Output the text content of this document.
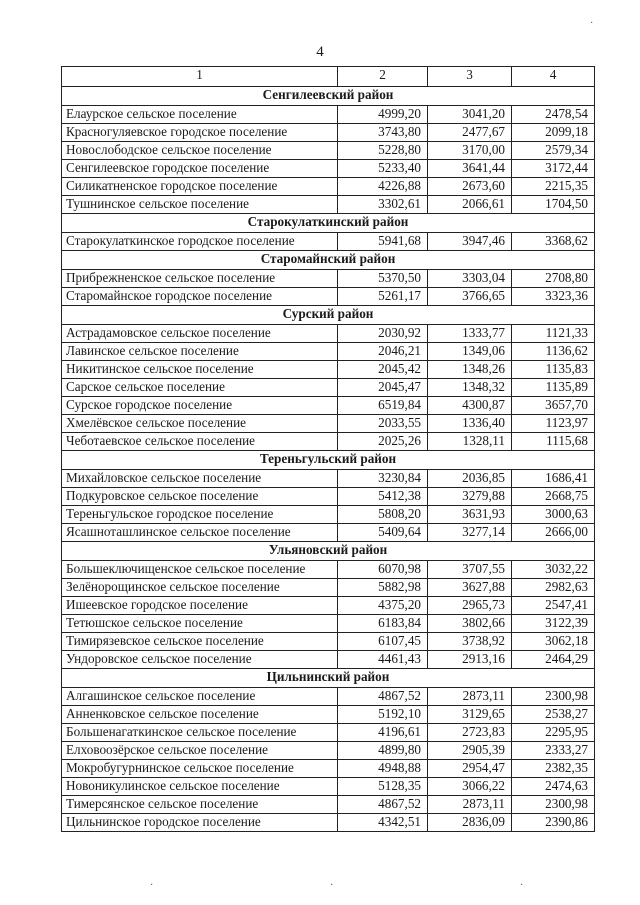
4
1	2	3	4
Сенгилеевский район			
Елаурское сельское поселение	4999,20	3041,20	2478,54
Красногуляевское городское поселение	3743,80	2477,67	2099,18
Новослободское сельское поселение	5228,80	3170,00	2579,34
Сенгилеевское городское поселение	5233,40	3641,44	3172,44
Силикатненское городское поселение	4226,88	2673,60	2215,35
Тушнинское сельское поселение	3302,61	2066,61	1704,50
Старокулаткинский район			
Старокулаткинское городское поселение	5941,68	3947,46	3368,62
Старомайнский район			
Прибрежненское сельское поселение	5370,50	3303,04	2708,80
Старомайнское городское поселение	5261,17	3766,65	3323,36
Сурский район			
Астрадамовское сельское поселение	2030,92	1333,77	1121,33
Лавинское сельское поселение	2046,21	1349,06	1136,62
Никитинское сельское поселение	2045,42	1348,26	1135,83
Сарское сельское поселение	2045,47	1348,32	1135,89
Сурское городское поселение	6519,84	4300,87	3657,70
Хмелёвское сельское поселение	2033,55	1336,40	1123,97
Чеботаевское сельское поселение	2025,26	1328,11	1115,68
Тереньгульский район			
Михайловское сельское поселение	3230,84	2036,85	1686,41
Подкуровское сельское поселение	5412,38	3279,88	2668,75
Тереньгульское городское поселение	5808,20	3631,93	3000,63
Ясашноташлинское сельское поселение	5409,64	3277,14	2666,00
Ульяновский район			
Большеключищенское сельское поселение	6070,98	3707,55	3032,22
Зелёнорощинское сельское поселение	5882,98	3627,88	2982,63
Ишеевское городское поселение	4375,20	2965,73	2547,41
Тетюшское сельское поселение	6183,84	3802,66	3122,39
Тимирязевское сельское поселение	6107,45	3738,92	3062,18
Ундоровское сельское поселение	4461,43	2913,16	2464,29
Цильнинский район			
Алгашинское сельское поселение	4867,52	2873,11	2300,98
Анненковское сельское поселение	5192,10	3129,65	2538,27
Большенагаткинское сельское поселение	4196,61	2723,83	2295,95
Елховоозёрское сельское поселение	4899,80	2905,39	2333,27
Мокробугурнинское сельское поселение	4948,88	2954,47	2382,35
Новоникулинское сельское поселение	5128,35	3066,22	2474,63
Тимерсянское сельское поселение	4867,52	2873,11	2300,98
Цильнинское городское поселение	4342,51	2836,09	2390,86
·
·	·	·
